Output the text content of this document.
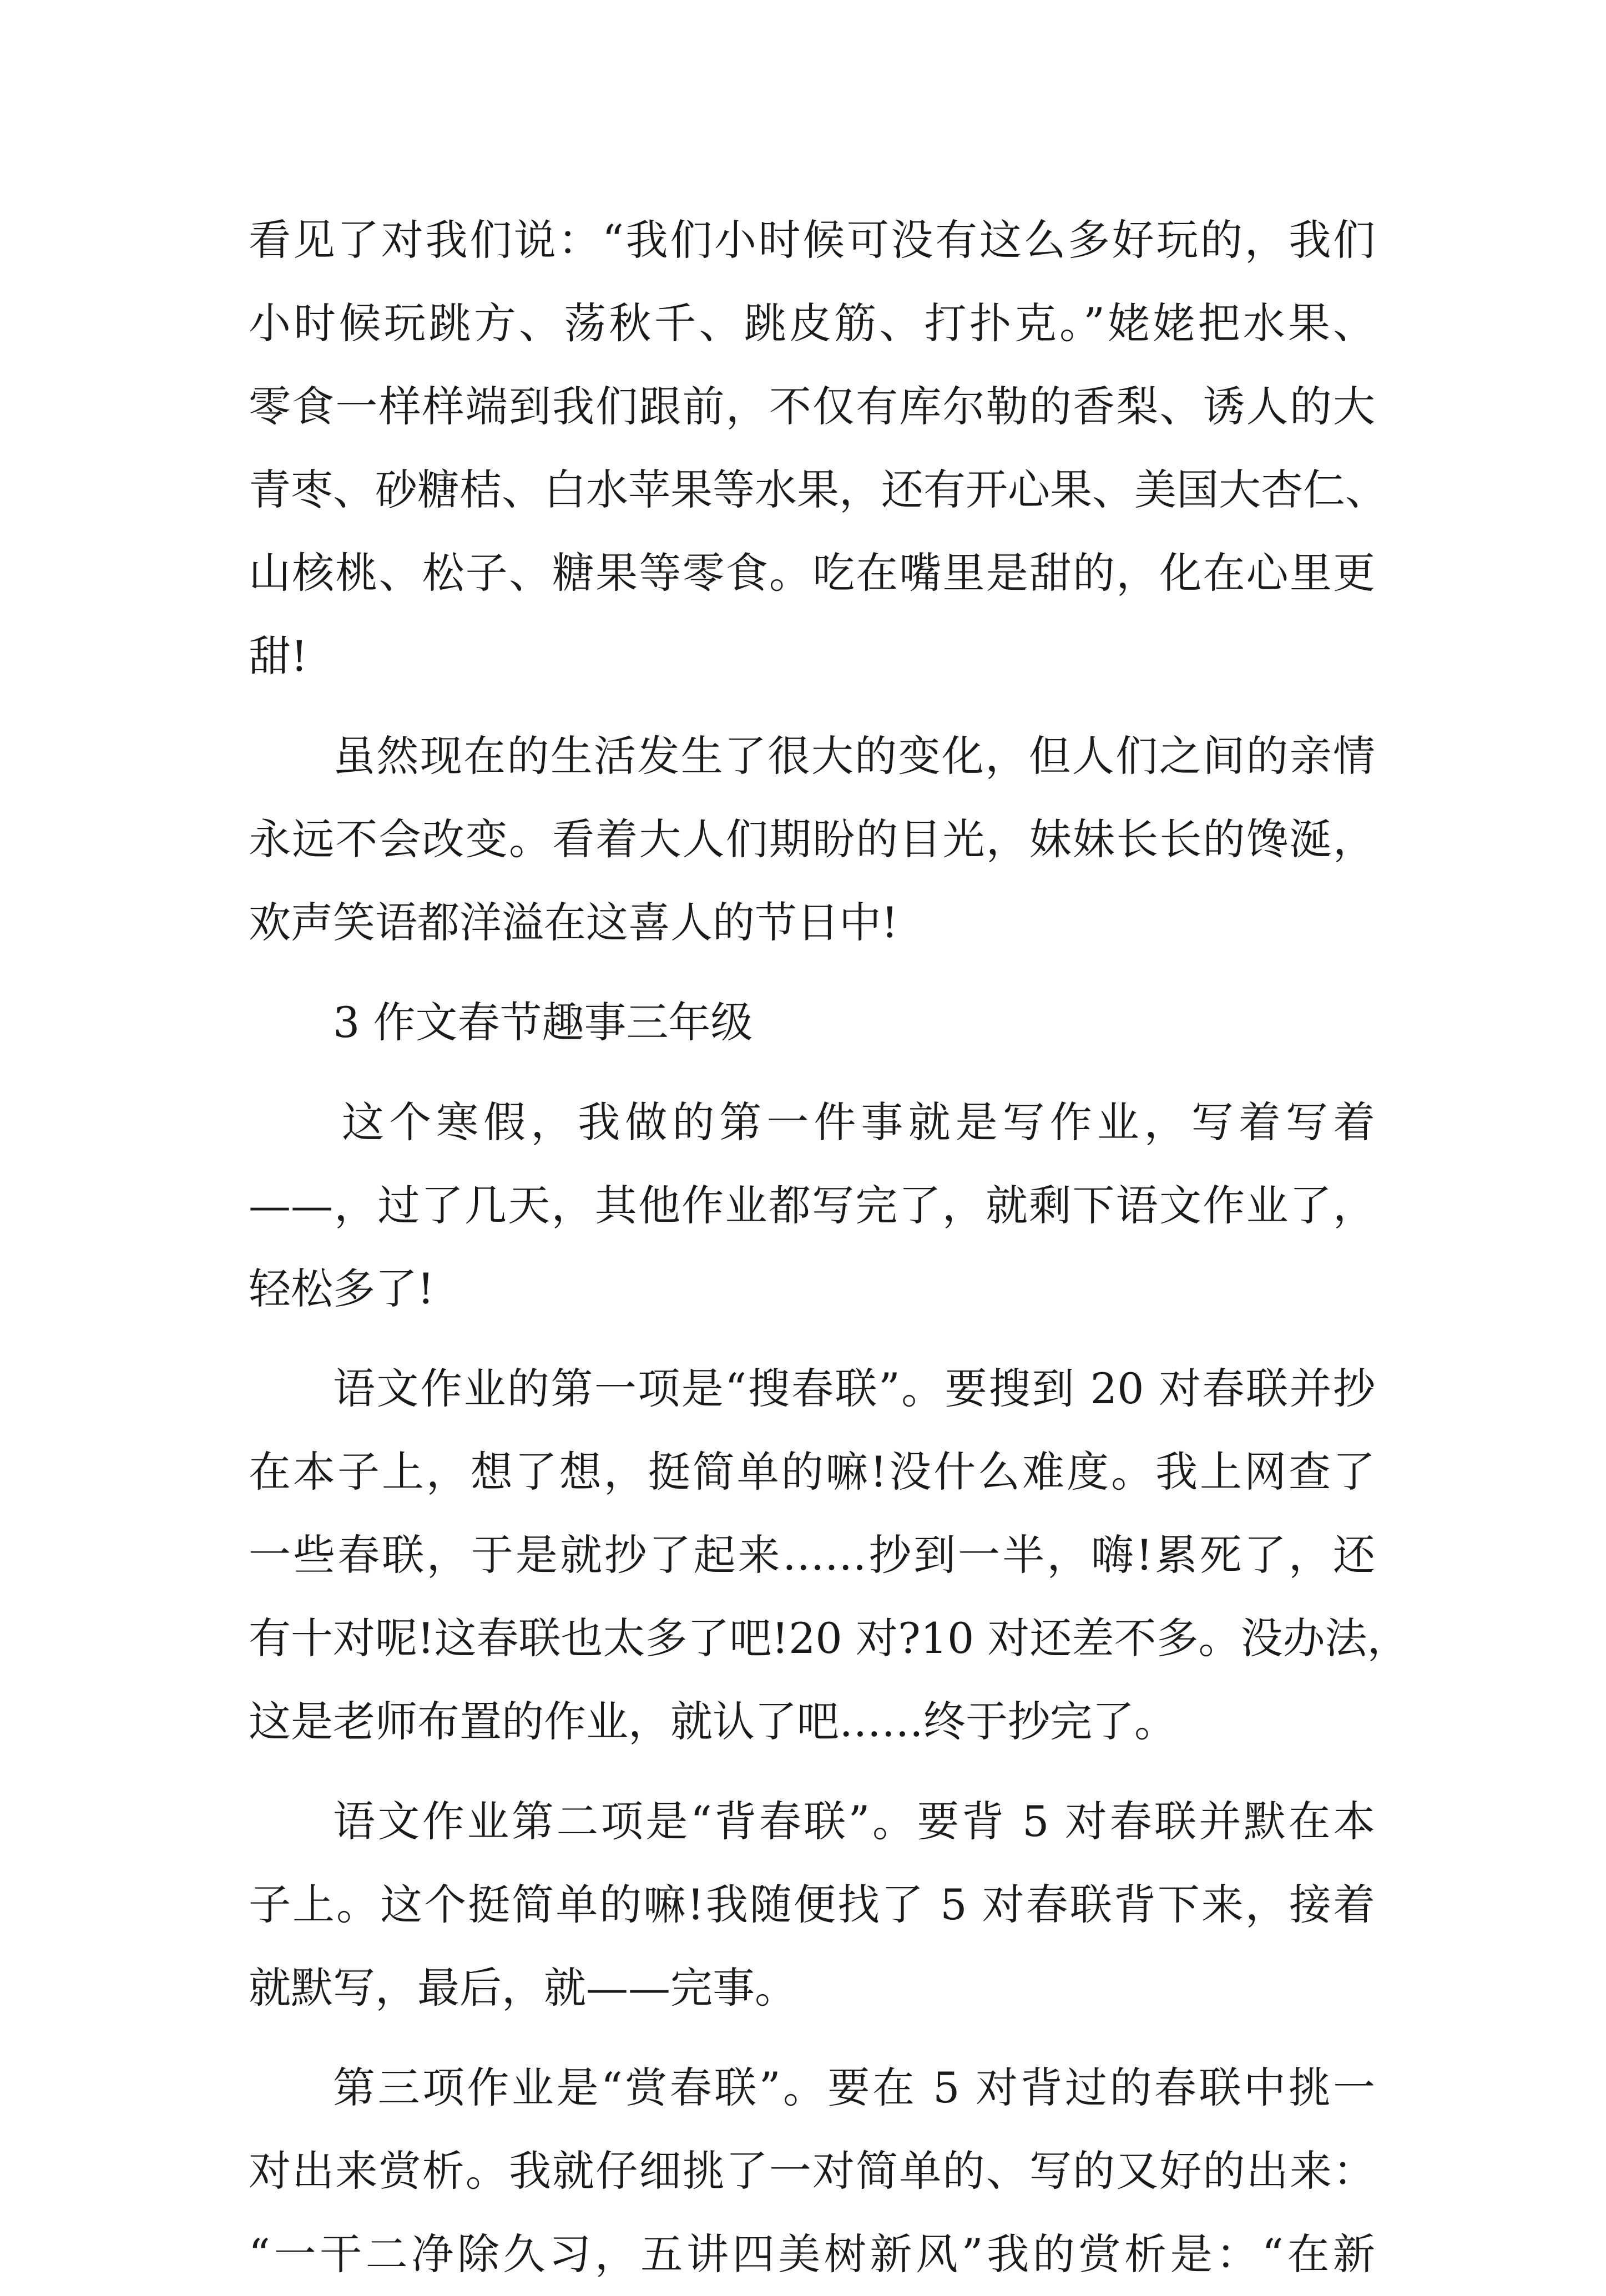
看见了对我们说：“我们小时候可没有这么多好玩的，我们
小时候玩跳方、荡秋千、跳皮筋、打扑克。”姥姥把水果、
零食一样样端到我们跟前，不仅有库尔勒的香梨、诱人的大
青枣、砂糖桔、白水苹果等水果，还有开心果、美国大杏仁、
山核桃、松子、糖果等零食。吃在嘴里是甜的，化在心里更
甜!
虽然现在的生活发生了很大的变化，但人们之间的亲情
永远不会改变。看着大人们期盼的目光，妹妹长长的馋涎，
欢声笑语都洋溢在这喜人的节日中!
3 作文春节趣事三年级
这个寒假，我做的第一件事就是写作业，写着写着
——，过了几天，其他作业都写完了，就剩下语文作业了，
轻松多了!
语文作业的第一项是“搜春联”。要搜到 20 对春联并抄
在本子上，想了想，挺简单的嘛!没什么难度。我上网查了
一些春联，于是就抄了起来……抄到一半，嗨!累死了，还
有十对呢!这春联也太多了吧!20 对?10 对还差不多。没办法，
这是老师布置的作业，就认了吧……终于抄完了。
语文作业第二项是“背春联”。要背 5 对春联并默在本
子上。这个挺简单的嘛!我随便找了 5 对春联背下来，接着
就默写，最后，就——完事。
第三项作业是“赏春联”。要在 5 对背过的春联中挑一
对出来赏析。我就仔细挑了一对简单的、写的又好的出来：
“一干二净除久习，五讲四美树新风”我的赏析是：“在新
